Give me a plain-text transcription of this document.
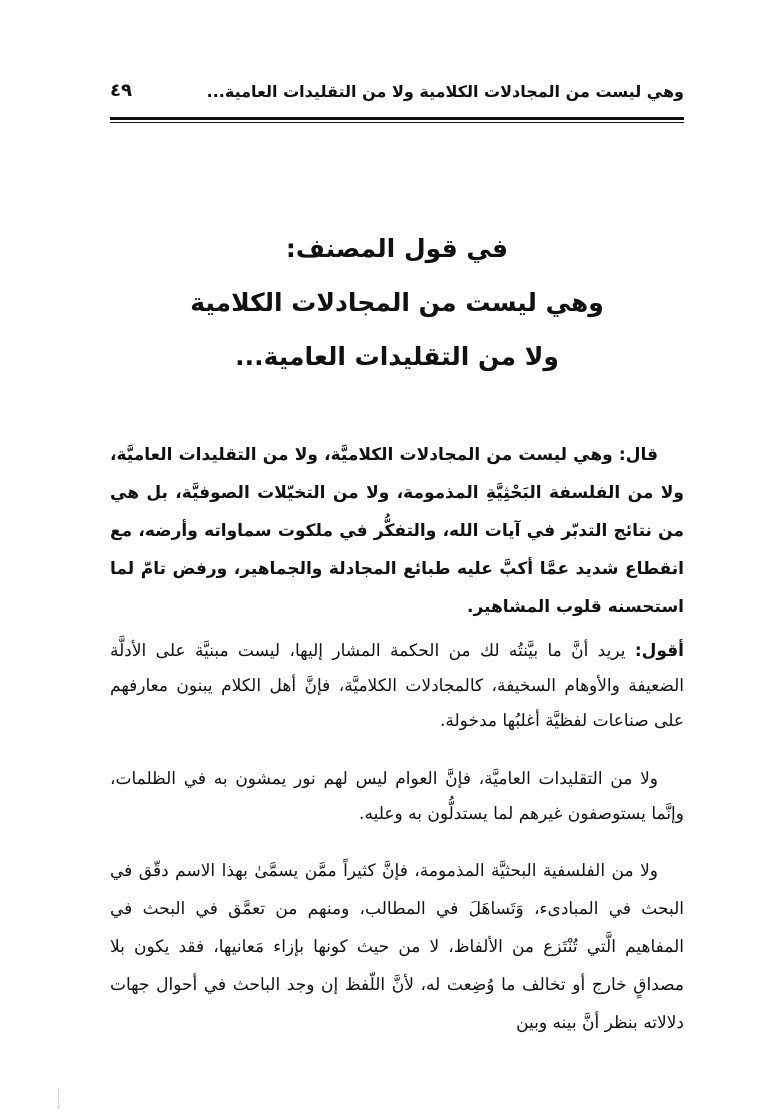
وهي ليست من المجادلات الكلامية ولا من التقليدات العامية...
٤٩
في قول المصنف:
وهي ليست من المجادلات الكلامية
ولا من التقليدات العامية...
قال: وهي ليست من المجادلات الكلاميَّة، ولا من التقليدات العاميَّة، ولا من الفلسفة البَحْثِيَّةِ المذمومة، ولا من التخيّلات الصوفيَّة، بل هي من نتائج التدبّر في آيات الله، والتفكُّر في ملكوت سماواته وأرضه، مع انقطاع شديد عمَّا أكبَّ عليه طبائع المجادلة والجماهير، ورفض تامّ لما استحسنه قلوب المشاهير.
أقول: يريد أنَّ ما بيَّنتُه لك من الحكمة المشار إليها، ليست مبنيَّة على الأدلَّة الضعيفة والأوهام السخيفة، كالمجادلات الكلاميَّة، فإنَّ أهل الكلام يبنون معارفهم على صناعات لفظيَّة أغلبُها مدخولة.
ولا من التقليدات العاميَّة، فإنَّ العوام ليس لهم نور يمشون به في الظلمات، وإنَّما يستوصفون غيرهم لما يستدلُّون به وعليه.
ولا من الفلسفية البحثيَّة المذمومة، فإنَّ كثيراً ممَّن يسمَّىٰ بهذا الاسم دقّق في البحث في المبادىء، وَتَساهَلَ في المطالب، ومنهم من تعمَّق في البحث في المفاهيم الَّتي تُنْتَزع من الألفاظ، لا من حيث كونها بإزاء مَعانيها، فقد يكون بلا مصداقٍ خارج أو تخالف ما وُضِعت له، لأنَّ اللّفظ إن وجد الباحث في أحوال جهات دلالاته بنظر أنَّ بينه وبين
